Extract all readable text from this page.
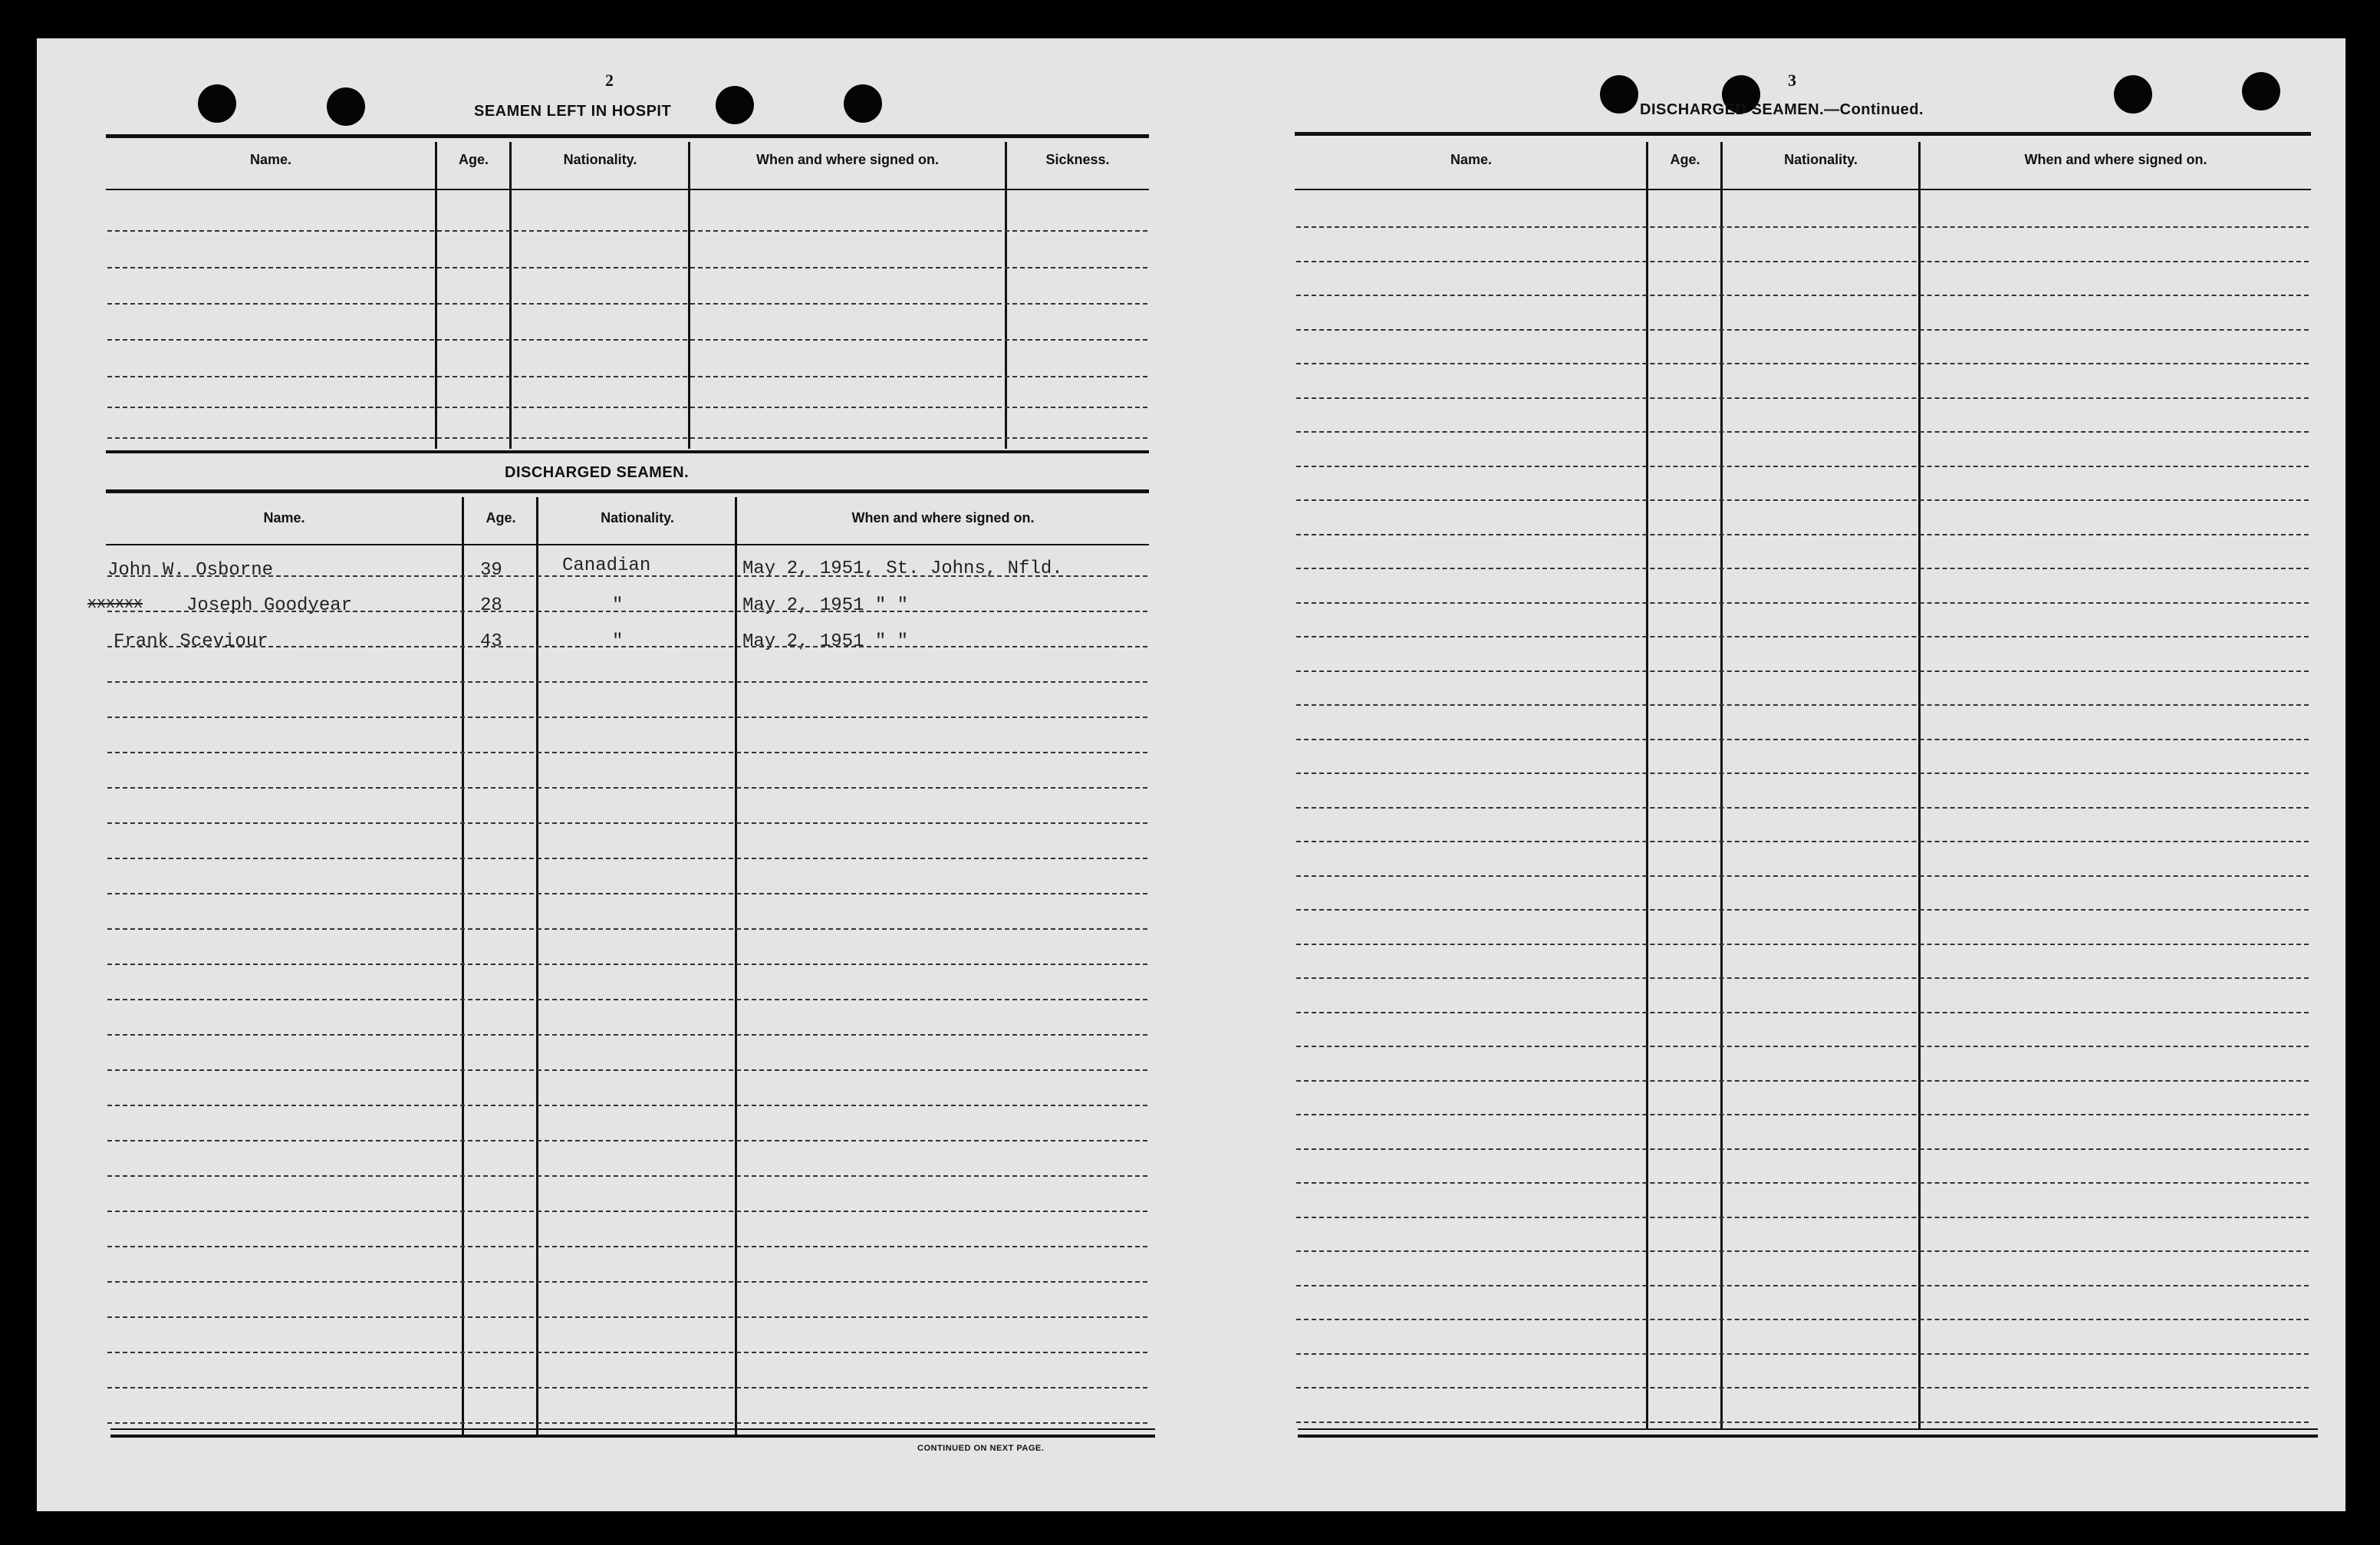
2
SEAMEN LEFT IN HOSPIT
Name.	Age.	Nationality.	When and where signed on.	Sickness.
DISCHARGED SEAMEN.
Name.	Age.	Nationality.	When and where signed on.
John W. Osborne	39	Canadian	May 2, 1951, St. Johns, Nfld.
xxxxxx Joseph Goodyear	28	"	May 2, 1951 " "
Frank Sceviour	43	"	May 2, 1951 " "
CONTINUED ON NEXT PAGE.
3
DISCHARGED SEAMEN.—Continued.
Name.	Age.	Nationality.	When and where signed on.
